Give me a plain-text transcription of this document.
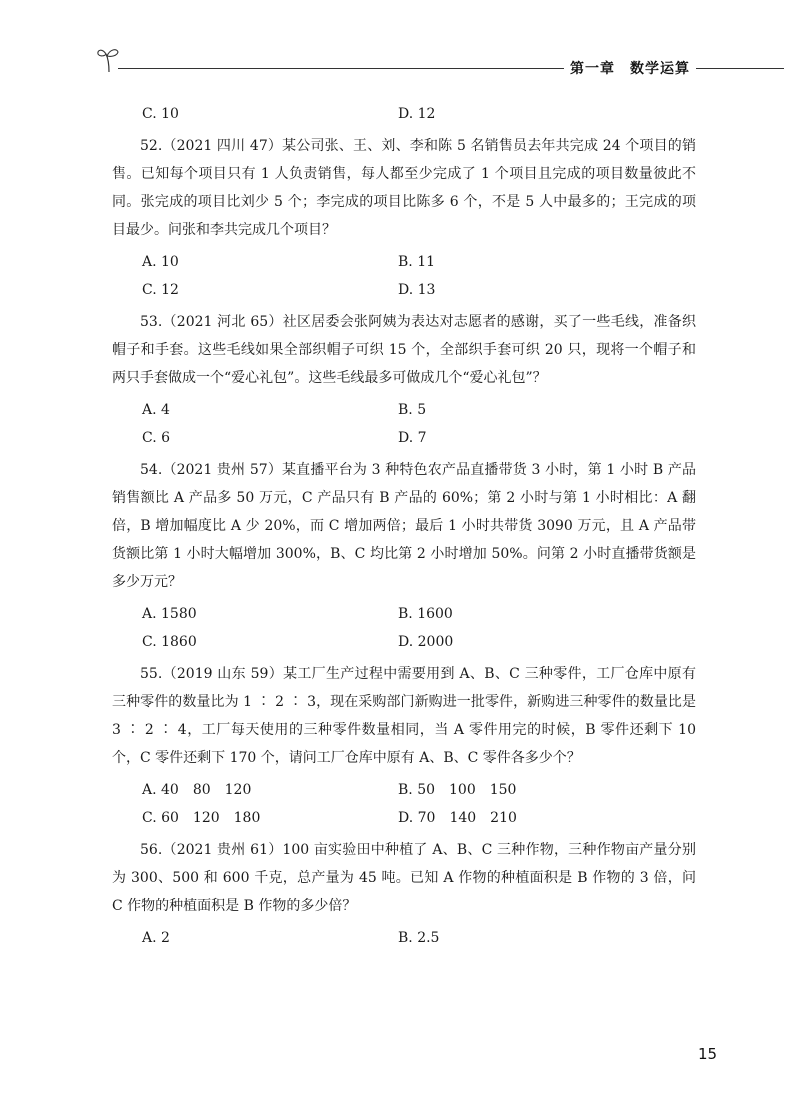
第一章　数学运算
C. 10	D. 12

52.（2021 四川 47）某公司张、王、刘、李和陈 5 名销售员去年共完成 24 个项目的销售。已知每个项目只有 1 人负责销售，每人都至少完成了 1 个项目且完成的项目数量彼此不同。张完成的项目比刘少 5 个；李完成的项目比陈多 6 个，不是 5 人中最多的；王完成的项目最少。问张和李共完成几个项目？

A. 10	B. 11
C. 12	D. 13

53.（2021 河北 65）社区居委会张阿姨为表达对志愿者的感谢，买了一些毛线，准备织帽子和手套。这些毛线如果全部织帽子可织 15 个，全部织手套可织 20 只，现将一个帽子和两只手套做成一个“爱心礼包”。这些毛线最多可做成几个“爱心礼包”？

A. 4	B. 5
C. 6	D. 7

54.（2021 贵州 57）某直播平台为 3 种特色农产品直播带货 3 小时，第 1 小时 B 产品销售额比 A 产品多 50 万元，C 产品只有 B 产品的 60%；第 2 小时与第 1 小时相比：A 翻倍，B 增加幅度比 A 少 20%，而 C 增加两倍；最后 1 小时共带货 3090 万元，且 A 产品带货额比第 1 小时大幅增加 300%，B、C 均比第 2 小时增加 50%。问第 2 小时直播带货额是多少万元？

A. 1580	B. 1600
C. 1860	D. 2000

55.（2019 山东 59）某工厂生产过程中需要用到 A、B、C 三种零件，工厂仓库中原有三种零件的数量比为 1 ∶ 2 ∶ 3，现在采购部门新购进一批零件，新购进三种零件的数量比是 3 ∶ 2 ∶ 4，工厂每天使用的三种零件数量相同，当 A 零件用完的时候，B 零件还剩下 10 个，C 零件还剩下 170 个，请问工厂仓库中原有 A、B、C 零件各多少个？

A. 40　80　120	B. 50　100　150
C. 60　120　180	D. 70　140　210

56.（2021 贵州 61）100 亩实验田中种植了 A、B、C 三种作物，三种作物亩产量分别为 300、500 和 600 千克，总产量为 45 吨。已知 A 作物的种植面积是 B 作物的 3 倍，问 C 作物的种植面积是 B 作物的多少倍？

A. 2	B. 2.5
15
